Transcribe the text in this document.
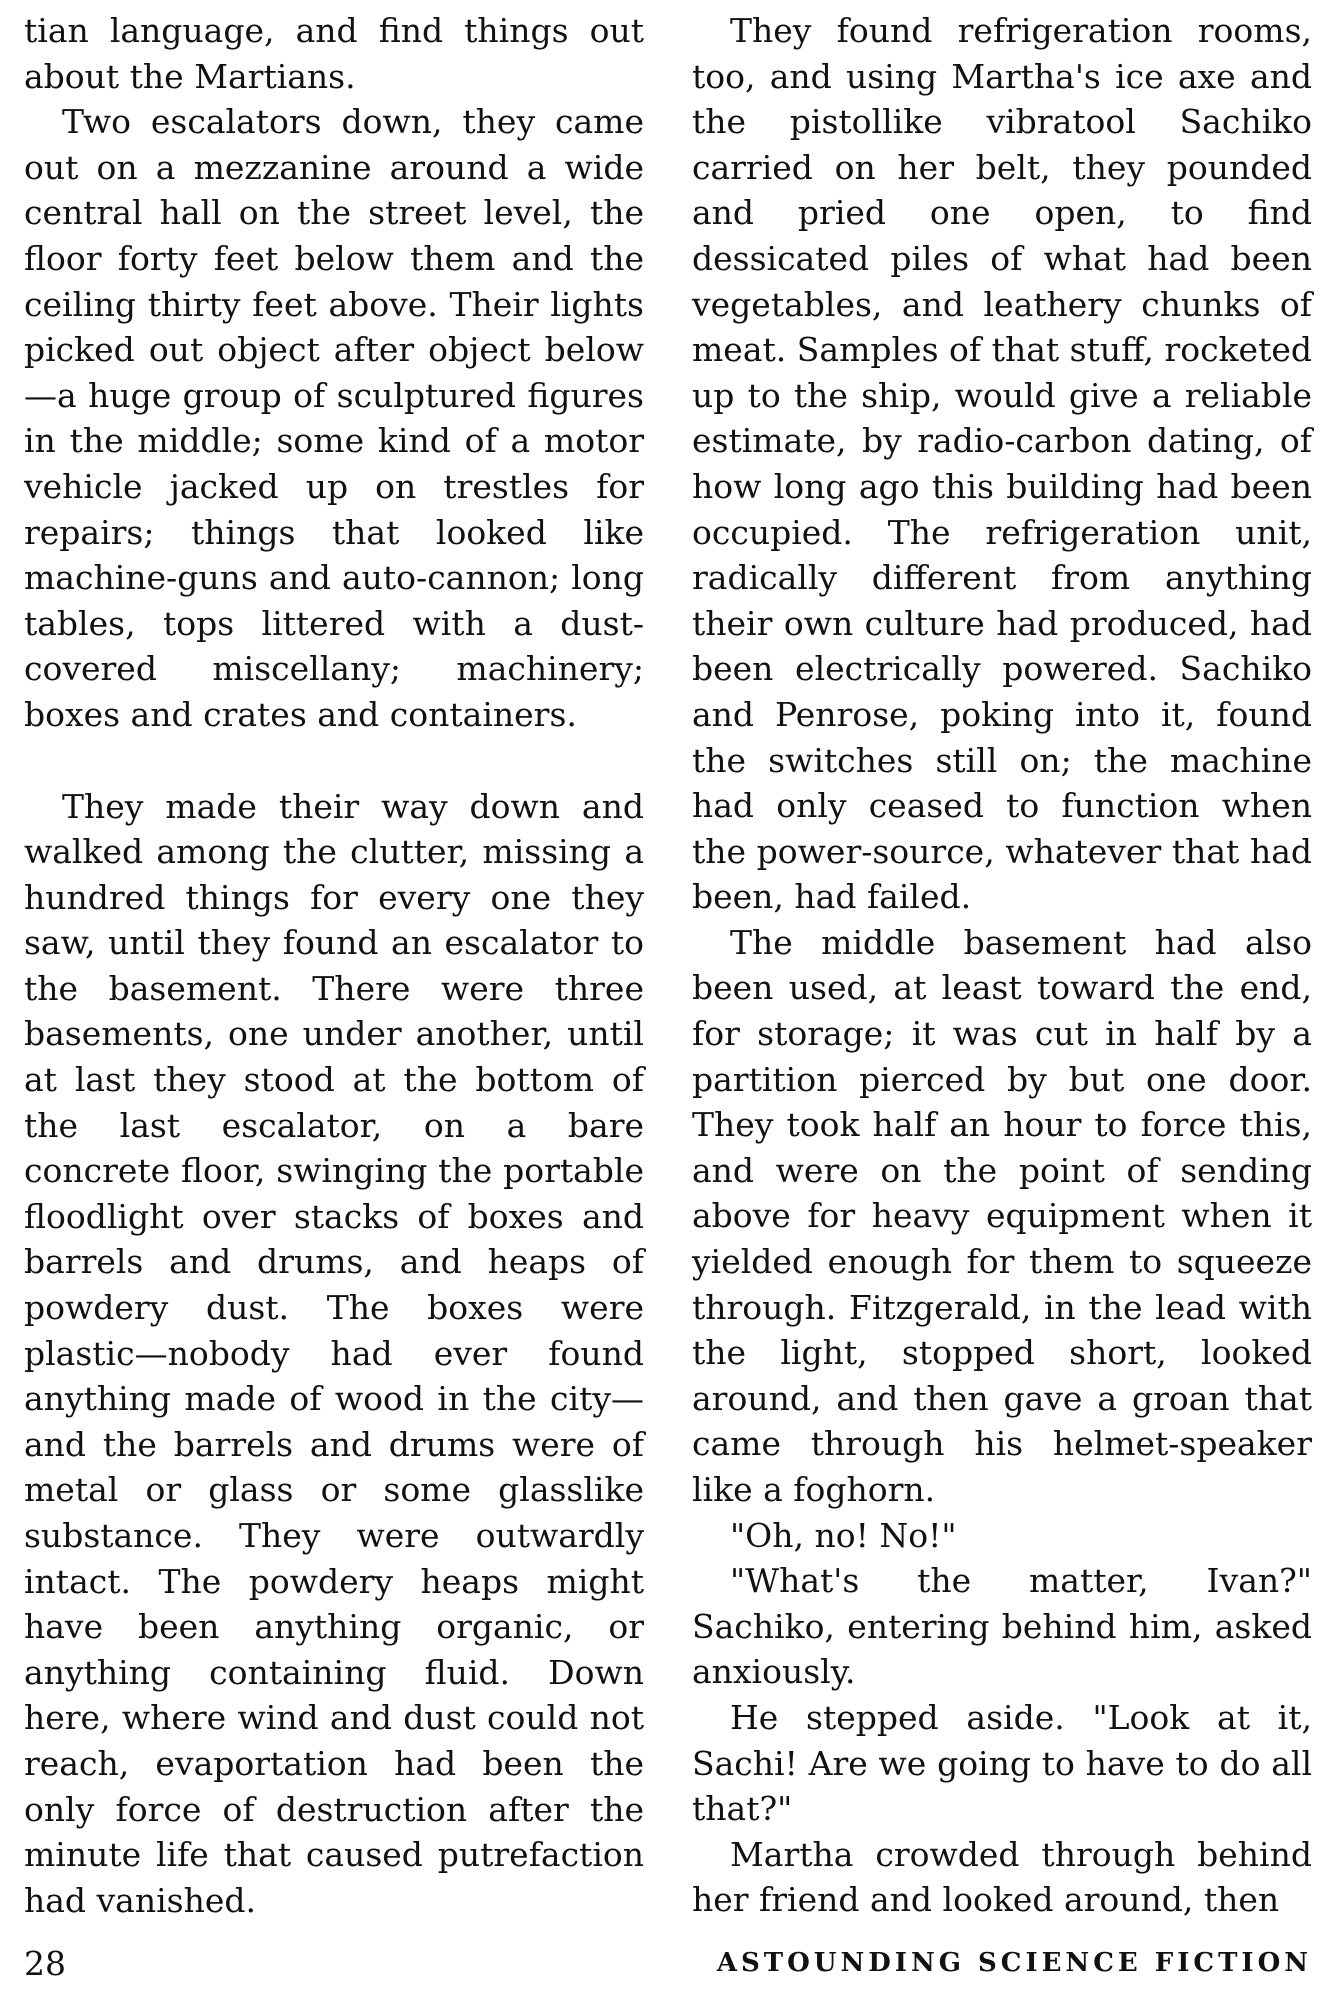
tian language, and find things out about the Martians.

Two escalators down, they came out on a mezzanine around a wide central hall on the street level, the floor forty feet below them and the ceiling thirty feet above. Their lights picked out object after object below —a huge group of sculptured figures in the middle; some kind of a motor vehicle jacked up on trestles for repairs; things that looked like machine-guns and auto-cannon; long tables, tops littered with a dust-covered miscellany; machinery; boxes and crates and containers.

They made their way down and walked among the clutter, missing a hundred things for every one they saw, until they found an escalator to the basement. There were three basements, one under another, until at last they stood at the bottom of the last escalator, on a bare concrete floor, swinging the portable floodlight over stacks of boxes and barrels and drums, and heaps of powdery dust. The boxes were plastic—nobody had ever found anything made of wood in the city—and the barrels and drums were of metal or glass or some glasslike substance. They were outwardly intact. The powdery heaps might have been anything organic, or anything containing fluid. Down here, where wind and dust could not reach, evaportation had been the only force of destruction after the minute life that caused putrefaction had vanished.

They found refrigeration rooms, too, and using Martha's ice axe and the pistollike vibratool Sachiko carried on her belt, they pounded and pried one open, to find dessicated piles of what had been vegetables, and leathery chunks of meat. Samples of that stuff, rocketed up to the ship, would give a reliable estimate, by radio-carbon dating, of how long ago this building had been occupied. The refrigeration unit, radically different from anything their own culture had produced, had been electrically powered. Sachiko and Penrose, poking into it, found the switches still on; the machine had only ceased to function when the power-source, whatever that had been, had failed.

The middle basement had also been used, at least toward the end, for storage; it was cut in half by a partition pierced by but one door. They took half an hour to force this, and were on the point of sending above for heavy equipment when it yielded enough for them to squeeze through. Fitzgerald, in the lead with the light, stopped short, looked around, and then gave a groan that came through his helmet-speaker like a foghorn.

"Oh, no! No!"

"What's the matter, Ivan?" Sachiko, entering behind him, asked anxiously.

He stepped aside. "Look at it, Sachi! Are we going to have to do all that?"

Martha crowded through behind her friend and looked around, then

28	ASTOUNDING SCIENCE FICTION
